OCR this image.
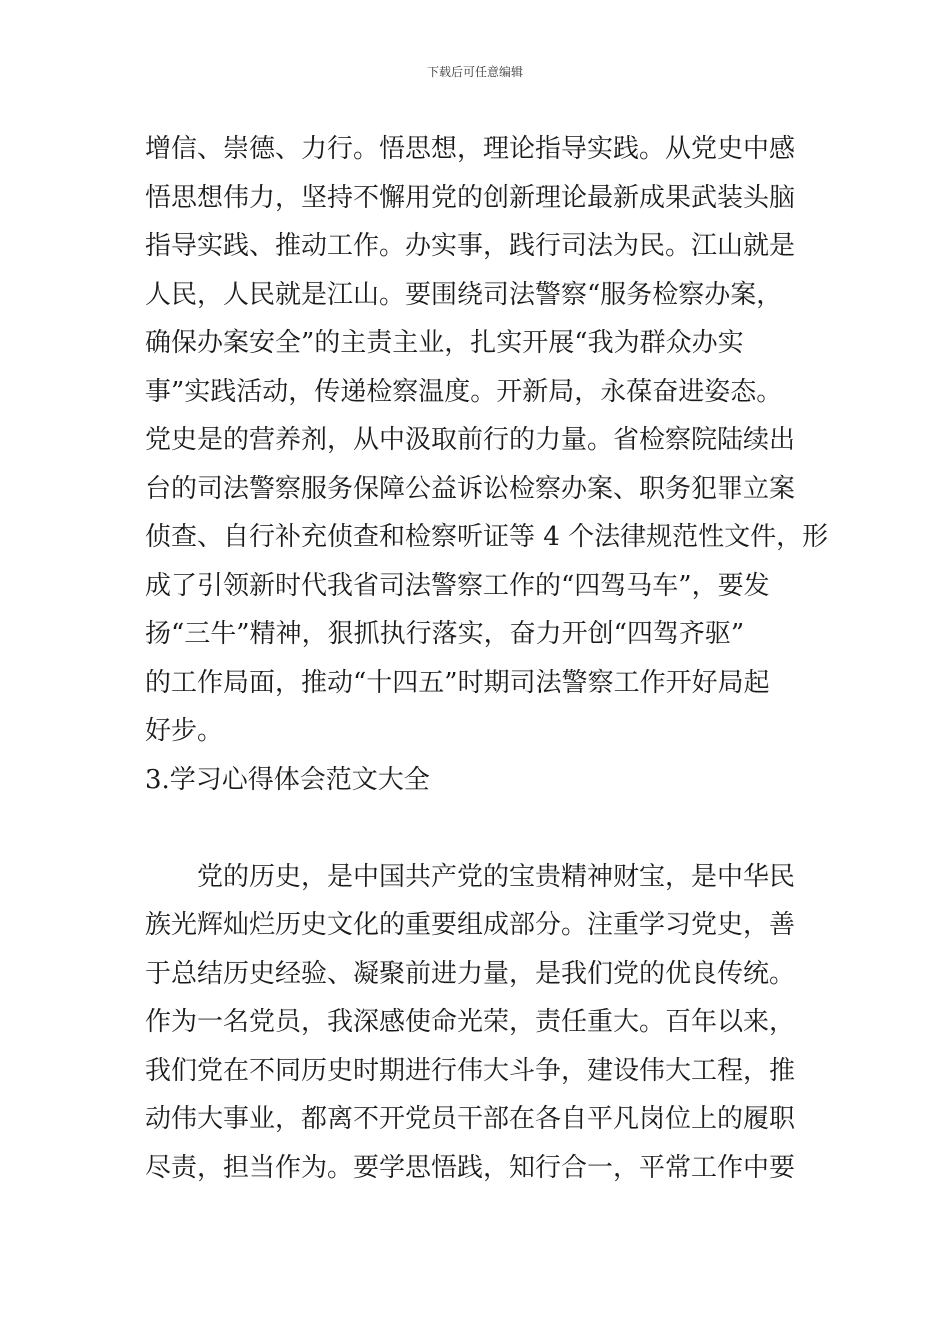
下载后可任意编辑
增信、崇德、力行。悟思想，理论指导实践。从党史中感
悟思想伟力，坚持不懈用党的创新理论最新成果武装头脑
指导实践、推动工作。办实事，践行司法为民。江山就是
人民，人民就是江山。要围绕司法警察“服务检察办案，
确保办案安全”的主责主业，扎实开展“我为群众办实
事”实践活动，传递检察温度。开新局，永葆奋进姿态。
党史是的营养剂，从中汲取前行的力量。省检察院陆续出
台的司法警察服务保障公益诉讼检察办案、职务犯罪立案
侦查、自行补充侦查和检察听证等 4 个法律规范性文件，形
成了引领新时代我省司法警察工作的“四驾马车”，要发
扬“三牛”精神，狠抓执行落实，奋力开创“四驾齐驱”
的工作局面，推动“十四五”时期司法警察工作开好局起
好步。
3.学习心得体会范文大全
　　党的历史，是中国共产党的宝贵精神财宝，是中华民
族光辉灿烂历史文化的重要组成部分。注重学习党史，善
于总结历史经验、凝聚前进力量，是我们党的优良传统。
作为一名党员，我深感使命光荣，责任重大。百年以来，
我们党在不同历史时期进行伟大斗争，建设伟大工程，推
动伟大事业，都离不开党员干部在各自平凡岗位上的履职
尽责，担当作为。要学思悟践，知行合一，平常工作中要
